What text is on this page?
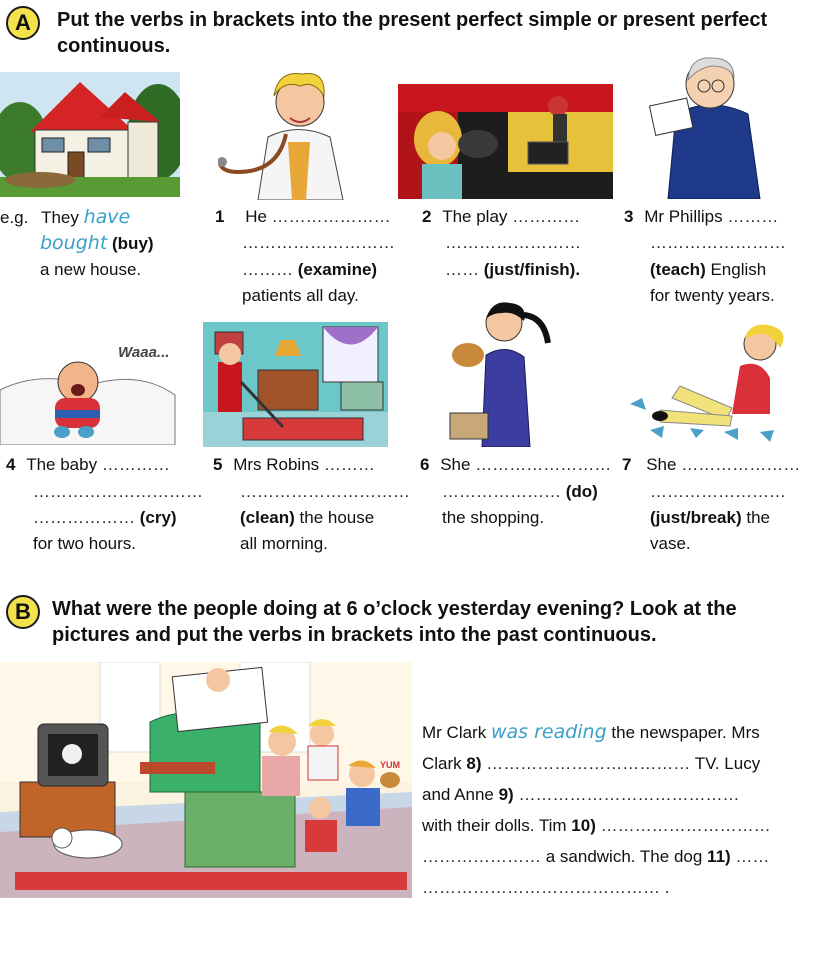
A	Put the verbs in brackets into the present perfect simple or present perfect
continuous.
e.g. They have
bought (buy)
a new house.
1 He …………………
………………………
……… (examine)
patients all day.
2 The play …………
……………………
…… (just/finish).
3 Mr Phillips ………
……………………
(teach) English
for twenty years.
Waaa...
4 The baby …………
…………………………
……………… (cry)
for two hours.
5 Mrs Robins ………
…………………………
(clean) the house
all morning.
6 She ……………………
………………… (do)
the shopping.
7 She …………………
……………………
(just/break) the
vase.
B	What were the people doing at 6 o’clock yesterday evening? Look at the
pictures and put the verbs in brackets into the past continuous.
YUM
Mr Clark was reading the newspaper. Mrs
Clark 8) ……………………………… TV. Lucy
and Anne 9) …………………………………
with their dolls. Tim 10) …………………………
………………… a sandwich. The dog 11) ……
…………………………………… .
